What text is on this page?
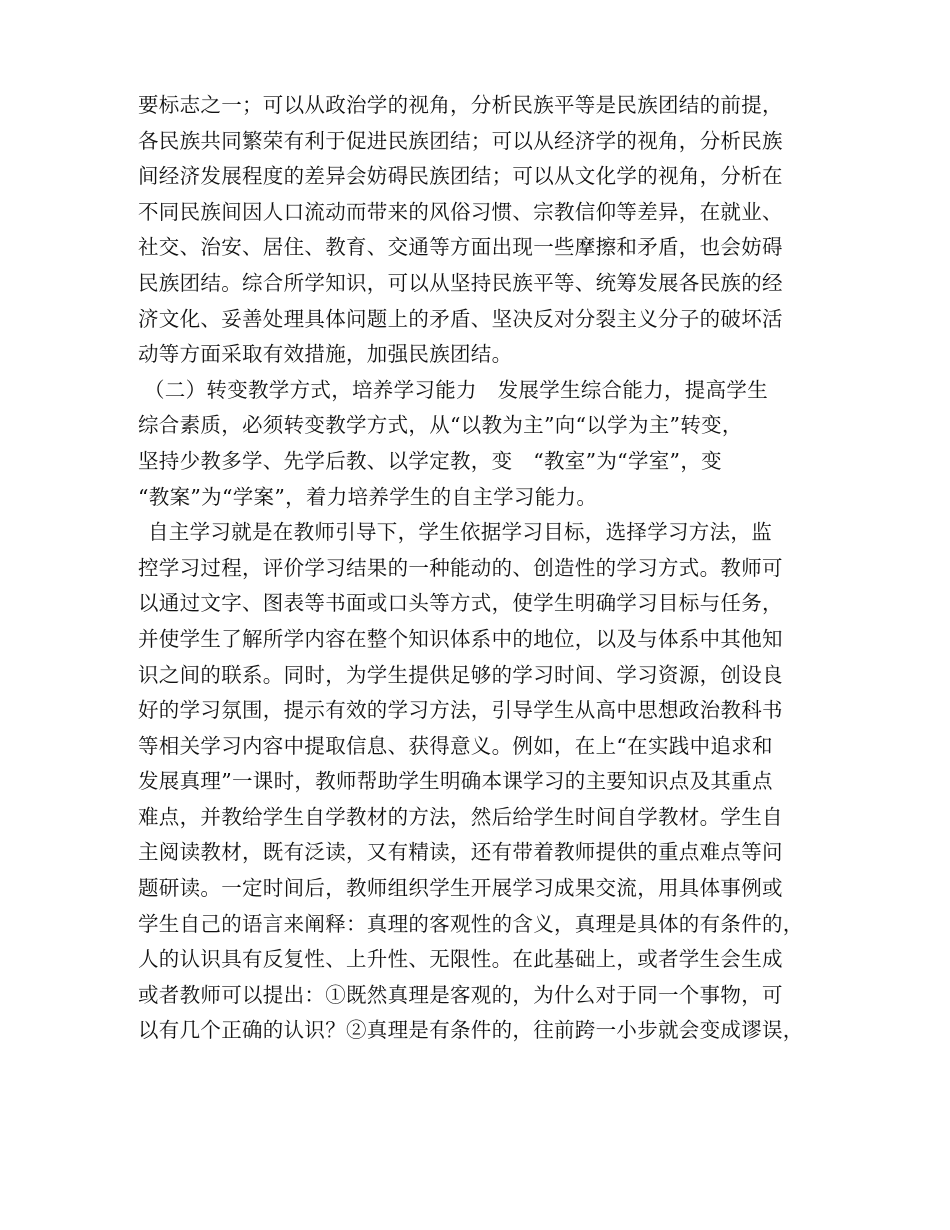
要标志之一；可以从政治学的视角，分析民族平等是民族团结的前提，
各民族共同繁荣有利于促进民族团结；可以从经济学的视角，分析民族
间经济发展程度的差异会妨碍民族团结；可以从文化学的视角，分析在
不同民族间因人口流动而带来的风俗习惯、宗教信仰等差异，在就业、
社交、治安、居住、教育、交通等方面出现一些摩擦和矛盾，也会妨碍
民族团结。综合所学知识，可以从坚持民族平等、统筹发展各民族的经
济文化、妥善处理具体问题上的矛盾、坚决反对分裂主义分子的破坏活
动等方面采取有效措施，加强民族团结。
（二）转变教学方式，培养学习能力　发展学生综合能力，提高学生
综合素质，必须转变教学方式，从“以教为主”向“以学为主”转变，
坚持少教多学、先学后教、以学定教，变　“教室”为“学室”，变
“教案”为“学案”，着力培养学生的自主学习能力。
自主学习就是在教师引导下，学生依据学习目标，选择学习方法，监
控学习过程，评价学习结果的一种能动的、创造性的学习方式。教师可
以通过文字、图表等书面或口头等方式，使学生明确学习目标与任务，
并使学生了解所学内容在整个知识体系中的地位，以及与体系中其他知
识之间的联系。同时，为学生提供足够的学习时间、学习资源，创设良
好的学习氛围，提示有效的学习方法，引导学生从高中思想政治教科书
等相关学习内容中提取信息、获得意义。例如，在上“在实践中追求和
发展真理”一课时，教师帮助学生明确本课学习的主要知识点及其重点
难点，并教给学生自学教材的方法，然后给学生时间自学教材。学生自
主阅读教材，既有泛读，又有精读，还有带着教师提供的重点难点等问
题研读。一定时间后，教师组织学生开展学习成果交流，用具体事例或
学生自己的语言来阐释：真理的客观性的含义，真理是具体的有条件的，
人的认识具有反复性、上升性、无限性。在此基础上，或者学生会生成
或者教师可以提出：①既然真理是客观的，为什么对于同一个事物，可
以有几个正确的认识？②真理是有条件的，往前跨一小步就会变成谬误，
